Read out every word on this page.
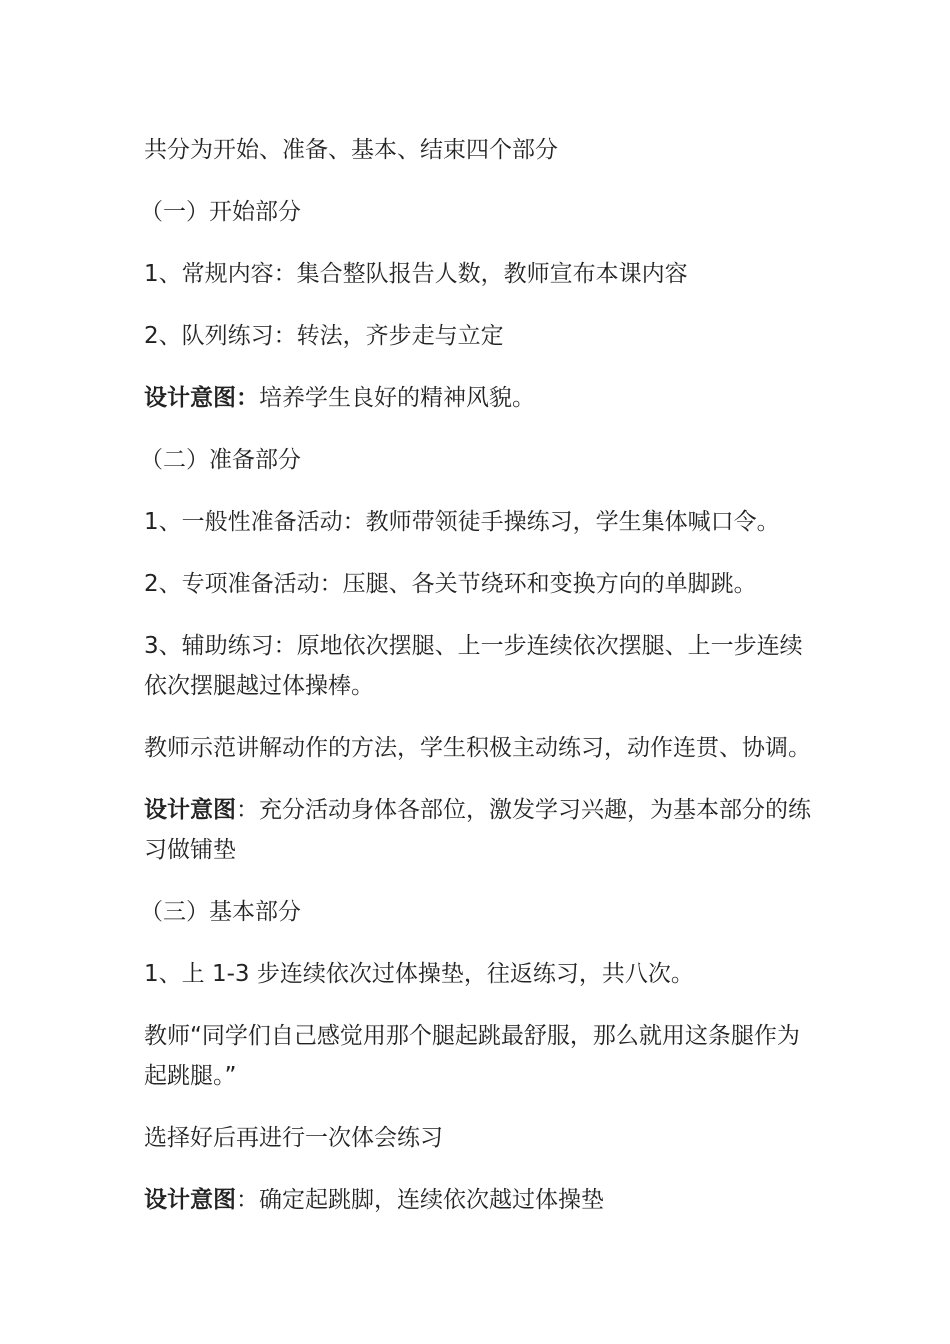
共分为开始、准备、基本、结束四个部分

（一）开始部分

1、常规内容：集合整队报告人数，教师宣布本课内容

2、队列练习：转法，齐步走与立定

设计意图：培养学生良好的精神风貌。

（二）准备部分

1、一般性准备活动：教师带领徒手操练习，学生集体喊口令。

2、专项准备活动：压腿、各关节绕环和变换方向的单脚跳。

3、辅助练习：原地依次摆腿、上一步连续依次摆腿、上一步连续依次摆腿越过体操棒。

教师示范讲解动作的方法，学生积极主动练习，动作连贯、协调。

设计意图：充分活动身体各部位，激发学习兴趣，为基本部分的练习做铺垫

（三）基本部分

1、上 1-3 步连续依次过体操垫，往返练习，共八次。

教师“同学们自己感觉用那个腿起跳最舒服，那么就用这条腿作为起跳腿。”

选择好后再进行一次体会练习

设计意图：确定起跳脚，连续依次越过体操垫
